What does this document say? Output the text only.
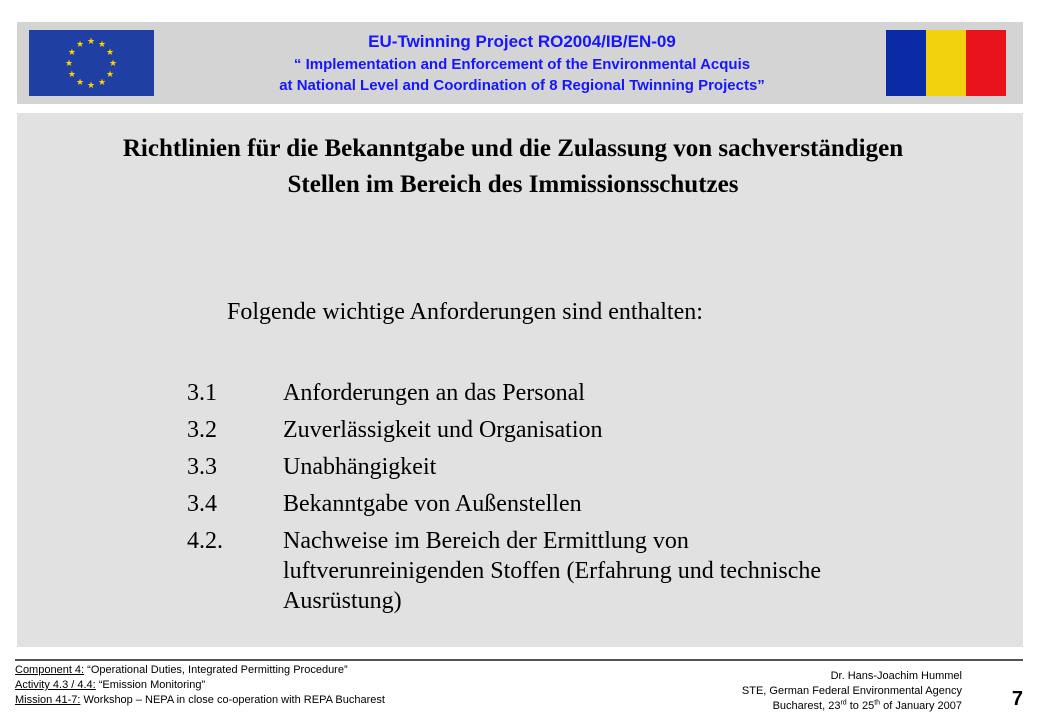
★ ★
★
★
★
★
★
★
★
★
★
★	EU-Twinning Project RO2004/IB/EN-09

“ Implementation and Enforcement of the Environmental Acquis

at National Level and Coordination of 8 Regional Twinning Projects”

Richtlinien für die Bekanntgabe und die Zulassung von sachverständigen Stellen im Bereich des Immissionsschutzes

Folgende wichtige Anforderungen sind enthalten:

3.1	Anforderungen an das Personal
3.2	Zuverlässigkeit und Organisation
3.3	Unabhängigkeit
3.4	Bekanntgabe von Außenstellen
4.2.	Nachweise im Bereich der Ermittlung von luftverunreinigenden Stoffen (Erfahrung und technische Ausrüstung)
Component 4: “Operational Duties, Integrated Permitting Procedure”
Activity 4.3 / 4.4: “Emission Monitoring”
Mission 41-7: Workshop – NEPA in close co-operation with REPA Bucharest
Dr. Hans-Joachim Hummel
STE, German Federal Environmental Agency
Bucharest, 23rd to 25th of January 2007 7
